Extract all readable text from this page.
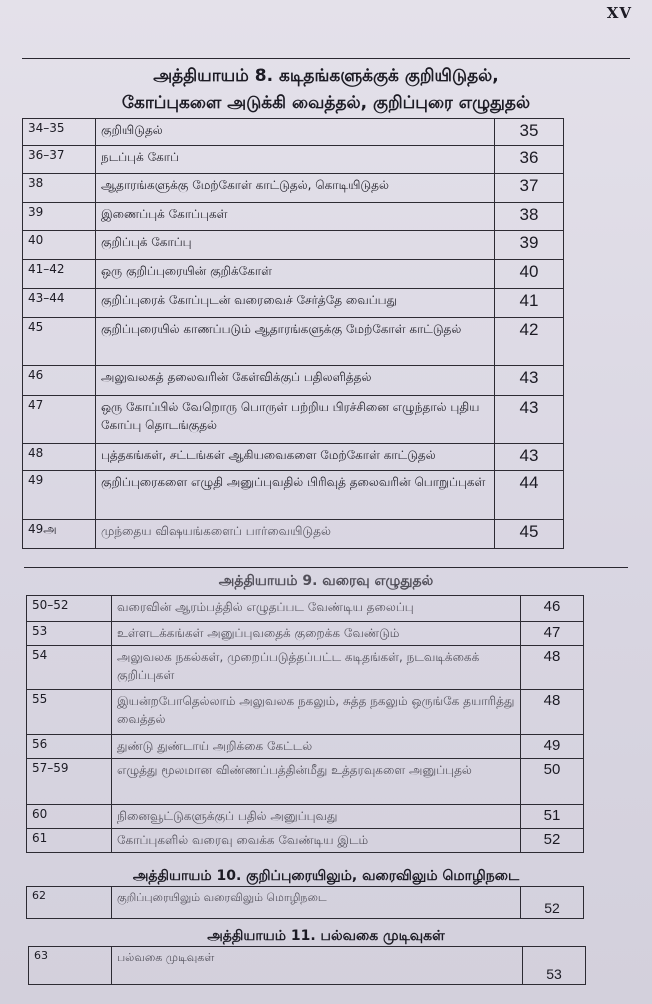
XV
அத்தியாயம் 8. கடிதங்களுக்குக் குறியிடுதல்,
கோப்புகளை அடுக்கி வைத்தல், குறிப்புரை எழுதுதல்
34–35	குறியிடுதல்	35
36–37	நடப்புக் கோப்	36
38	ஆதாரங்களுக்கு மேற்கோள் காட்டுதல், கொடியிடுதல்	37
39	இணைப்புக் கோப்புகள்	38
40	குறிப்புக் கோப்பு	39
41–42	ஒரு குறிப்புரையின் குறிக்கோள்	40
43–44	குறிப்புரைக் கோப்புடன் வரைவைச் சேர்த்தே வைப்பது	41
45	குறிப்புரையில் காணப்படும் ஆதாரங்களுக்கு மேற்கோள் காட்டுதல்	42
46	அலுவலகத் தலைவரின் கேள்விக்குப் பதிலளித்தல்	43
47	ஒரு கோப்பில் வேறொரு பொருள் பற்றிய பிரச்சினை எழுந்தால் புதிய கோப்பு தொடங்குதல்	43
48	புத்தகங்கள், சட்டங்கள் ஆகியவைகளை மேற்கோள் காட்டுதல்	43
49	குறிப்புரைகளை எழுதி அனுப்புவதில் பிரிவுத் தலைவரின் பொறுப்புகள்	44
49அ	முந்தைய விஷயங்களைப் பார்வையிடுதல்	45
அத்தியாயம் 9. வரைவு எழுதுதல்
50–52	வரைவின் ஆரம்பத்தில் எழுதப்பட வேண்டிய தலைப்பு	46
53	உள்ளடக்கங்கள் அனுப்புவதைக் குறைக்க வேண்டும்	47
54	அலுவலக நகல்கள், முறைப்படுத்தப்பட்ட கடிதங்கள், நடவடிக்கைக் குறிப்புகள்	48
55	இயன்றபோதெல்லாம் அலுவலக நகலும், சுத்த நகலும் ஒருங்கே தயாரித்து வைத்தல்	48
56	துண்டு துண்டாய் அறிக்கை கேட்டல்	49
57–59	எழுத்து மூலமான விண்ணப்பத்தின்மீது உத்தரவுகளை அனுப்புதல்	50
60	நினைவூட்டுகளுக்குப் பதில் அனுப்புவது	51
61	கோப்புகளில் வரைவு வைக்க வேண்டிய இடம்	52
அத்தியாயம் 10. குறிப்புரையிலும், வரைவிலும் மொழிநடை
62	குறிப்புரையிலும் வரைவிலும் மொழிநடை	52
அத்தியாயம் 11. பல்வகை முடிவுகள்
63	பல்வகை முடிவுகள்	53
